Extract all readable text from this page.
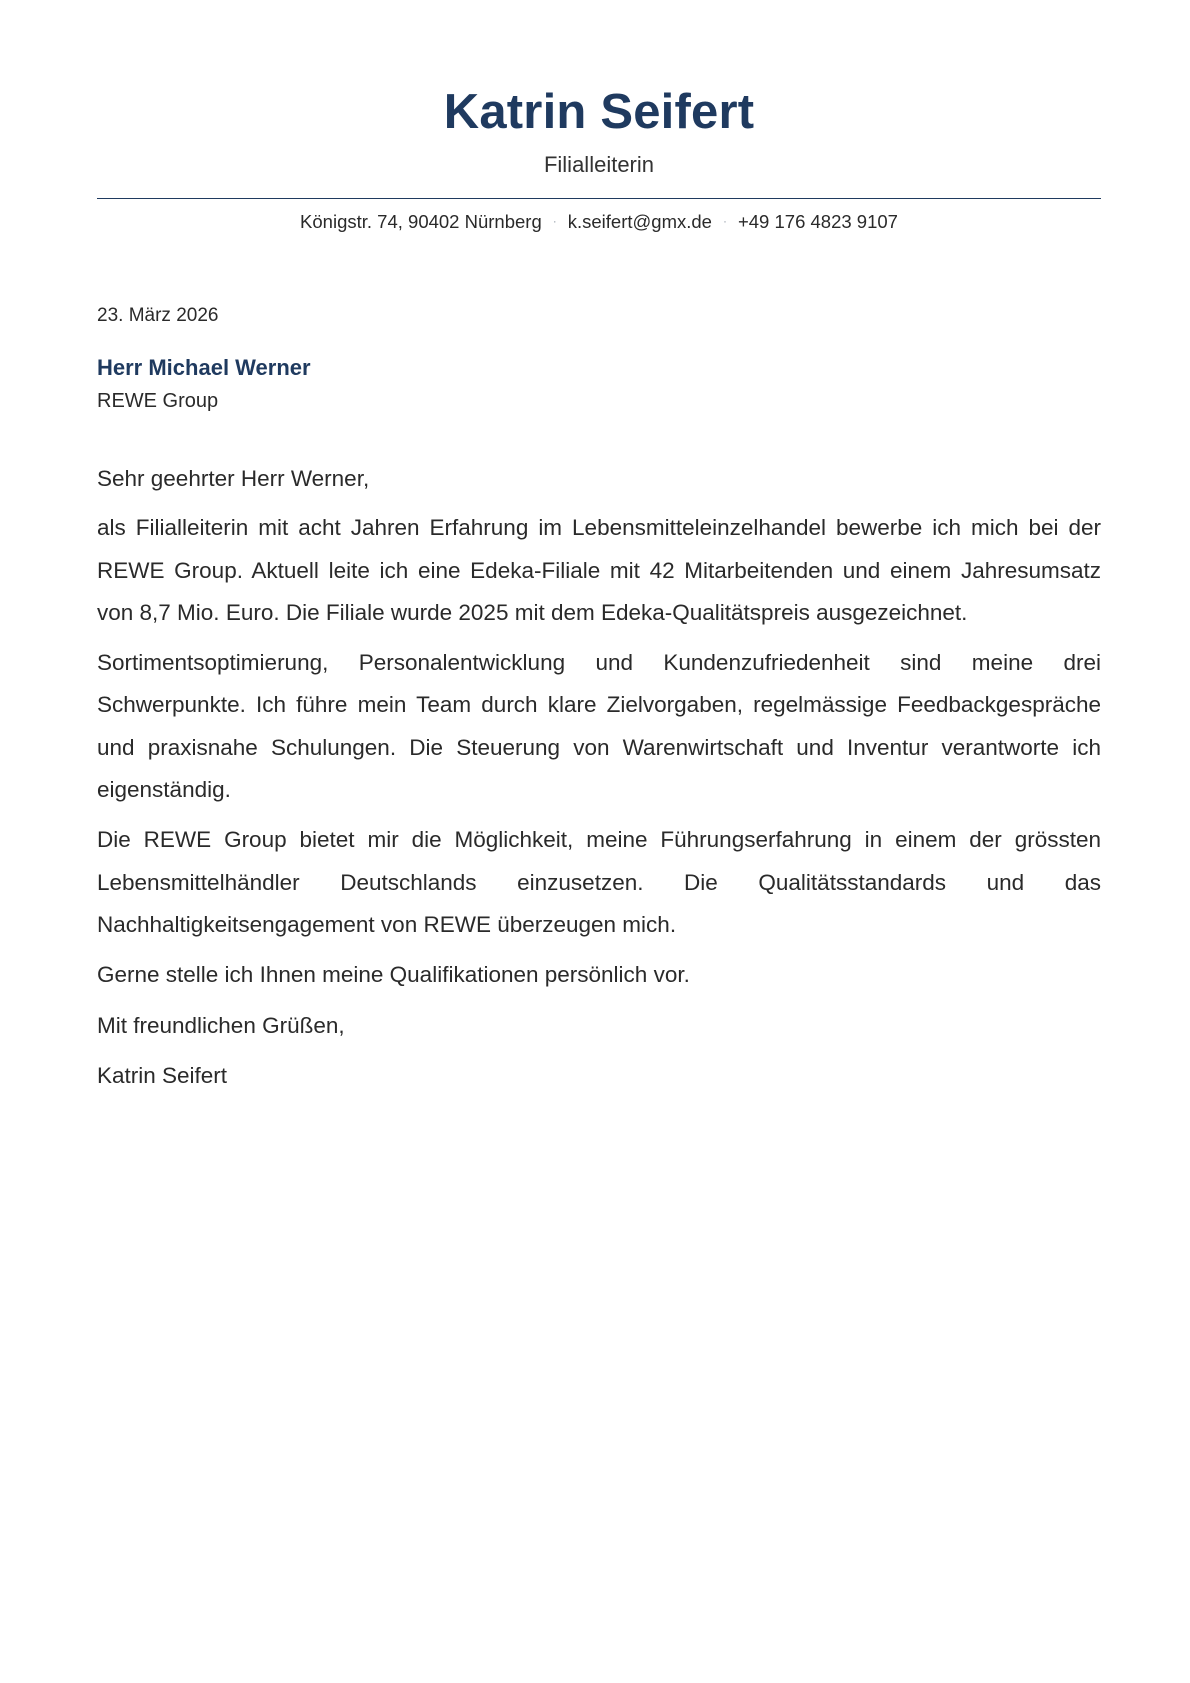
Katrin Seifert
Filialleiterin
Königstr. 74, 90402 Nürnberg · k.seifert@gmx.de · +49 176 4823 9107
23. März 2026
Herr Michael Werner
REWE Group

Sehr geehrter Herr Werner,

als Filialleiterin mit acht Jahren Erfahrung im Lebensmitteleinzelhandel bewerbe ich mich bei der REWE Group. Aktuell leite ich eine Edeka-Filiale mit 42 Mitarbeitenden und einem Jahresumsatz von 8,7 Mio. Euro. Die Filiale wurde 2025 mit dem Edeka-Qualitätspreis ausgezeichnet.

Sortimentsoptimierung, Personalentwicklung und Kundenzufriedenheit sind meine drei Schwerpunkte. Ich führe mein Team durch klare Zielvorgaben, regelmässige Feedbackgespräche und praxisnahe Schulungen. Die Steuerung von Warenwirtschaft und Inventur verantworte ich eigenständig.

Die REWE Group bietet mir die Möglichkeit, meine Führungserfahrung in einem der grössten Lebensmittelhändler Deutschlands einzusetzen. Die Qualitätsstandards und das Nachhaltigkeitsengagement von REWE überzeugen mich.

Gerne stelle ich Ihnen meine Qualifikationen persönlich vor.

Mit freundlichen Grüßen,

Katrin Seifert
